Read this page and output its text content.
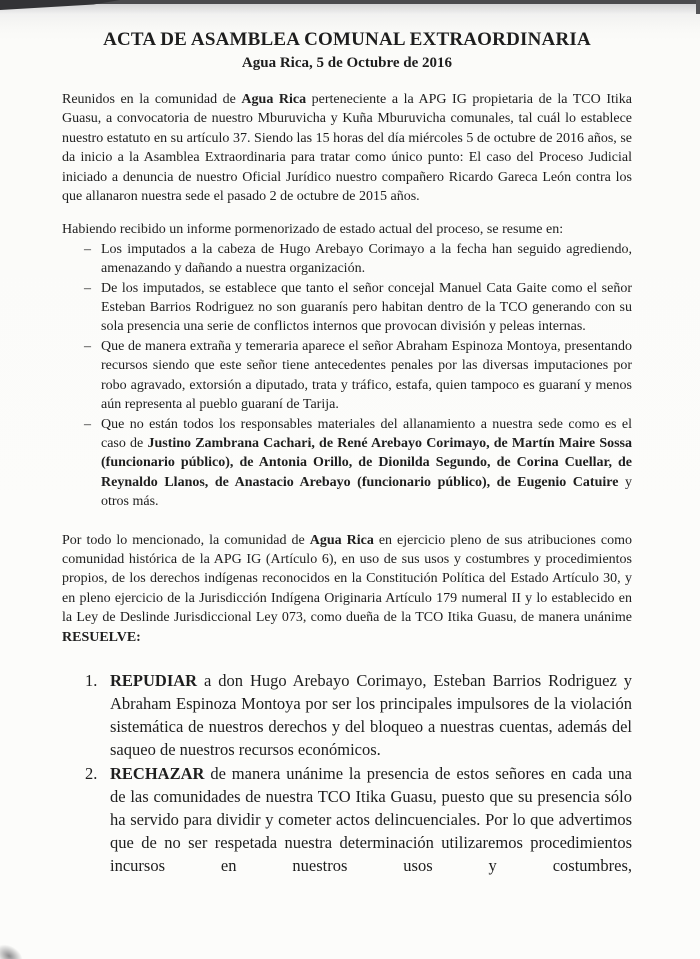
ACTA DE ASAMBLEA COMUNAL EXTRAORDINARIA
Agua Rica, 5 de Octubre de 2016

Reunidos en la comunidad de Agua Rica perteneciente a la APG IG propietaria de la TCO Itika Guasu, a convocatoria de nuestro Mburuvicha y Kuña Mburuvicha comunales, tal cuál lo establece nuestro estatuto en su artículo 37. Siendo las 15 horas del día miércoles 5 de octubre de 2016 años, se da inicio a la Asamblea Extraordinaria para tratar como único punto: El caso del Proceso Judicial iniciado a denuncia de nuestro Oficial Jurídico nuestro compañero Ricardo Gareca León contra los que allanaron nuestra sede el pasado 2 de octubre de 2015 años.

Habiendo recibido un informe pormenorizado de estado actual del proceso, se resume en:

– Los imputados a la cabeza de Hugo Arebayo Corimayo a la fecha han seguido agrediendo, amenazando y dañando a nuestra organización.
– De los imputados, se establece que tanto el señor concejal Manuel Cata Gaite como el señor Esteban Barrios Rodriguez no son guaranís pero habitan dentro de la TCO generando con su sola presencia una serie de conflictos internos que provocan división y peleas internas.
– Que de manera extraña y temeraria aparece el señor Abraham Espinoza Montoya, presentando recursos siendo que este señor tiene antecedentes penales por las diversas imputaciones por robo agravado, extorsión a diputado, trata y tráfico, estafa, quien tampoco es guaraní y menos aún representa al pueblo guaraní de Tarija.
– Que no están todos los responsables materiales del allanamiento a nuestra sede como es el caso de Justino Zambrana Cachari, de René Arebayo Corimayo, de Martín Maire Sossa (funcionario público), de Antonia Orillo, de Dionilda Segundo, de Corina Cuellar, de Reynaldo Llanos, de Anastacio Arebayo (funcionario público), de Eugenio Catuire y otros más.

Por todo lo mencionado, la comunidad de Agua Rica en ejercicio pleno de sus atribuciones como comunidad histórica de la APG IG (Artículo 6), en uso de sus usos y costumbres y procedimientos propios, de los derechos indígenas reconocidos en la Constitución Política del Estado Artículo 30, y en pleno ejercicio de la Jurisdicción Indígena Originaria Artículo 179 numeral II y lo establecido en la Ley de Deslinde Jurisdiccional Ley 073, como dueña de la TCO Itika Guasu, de manera unánime RESUELVE:

1. REPUDIAR a don Hugo Arebayo Corimayo, Esteban Barrios Rodriguez y Abraham Espinoza Montoya por ser los principales impulsores de la violación sistemática de nuestros derechos y del bloqueo a nuestras cuentas, además del saqueo de nuestros recursos económicos.
2. RECHAZAR de manera unánime la presencia de estos señores en cada una de las comunidades de nuestra TCO Itika Guasu, puesto que su presencia sólo ha servido para dividir y cometer actos delincuenciales. Por lo que advertimos que de no ser respetada nuestra determinación utilizaremos procedimientos incursos en nuestros usos y costumbres,
